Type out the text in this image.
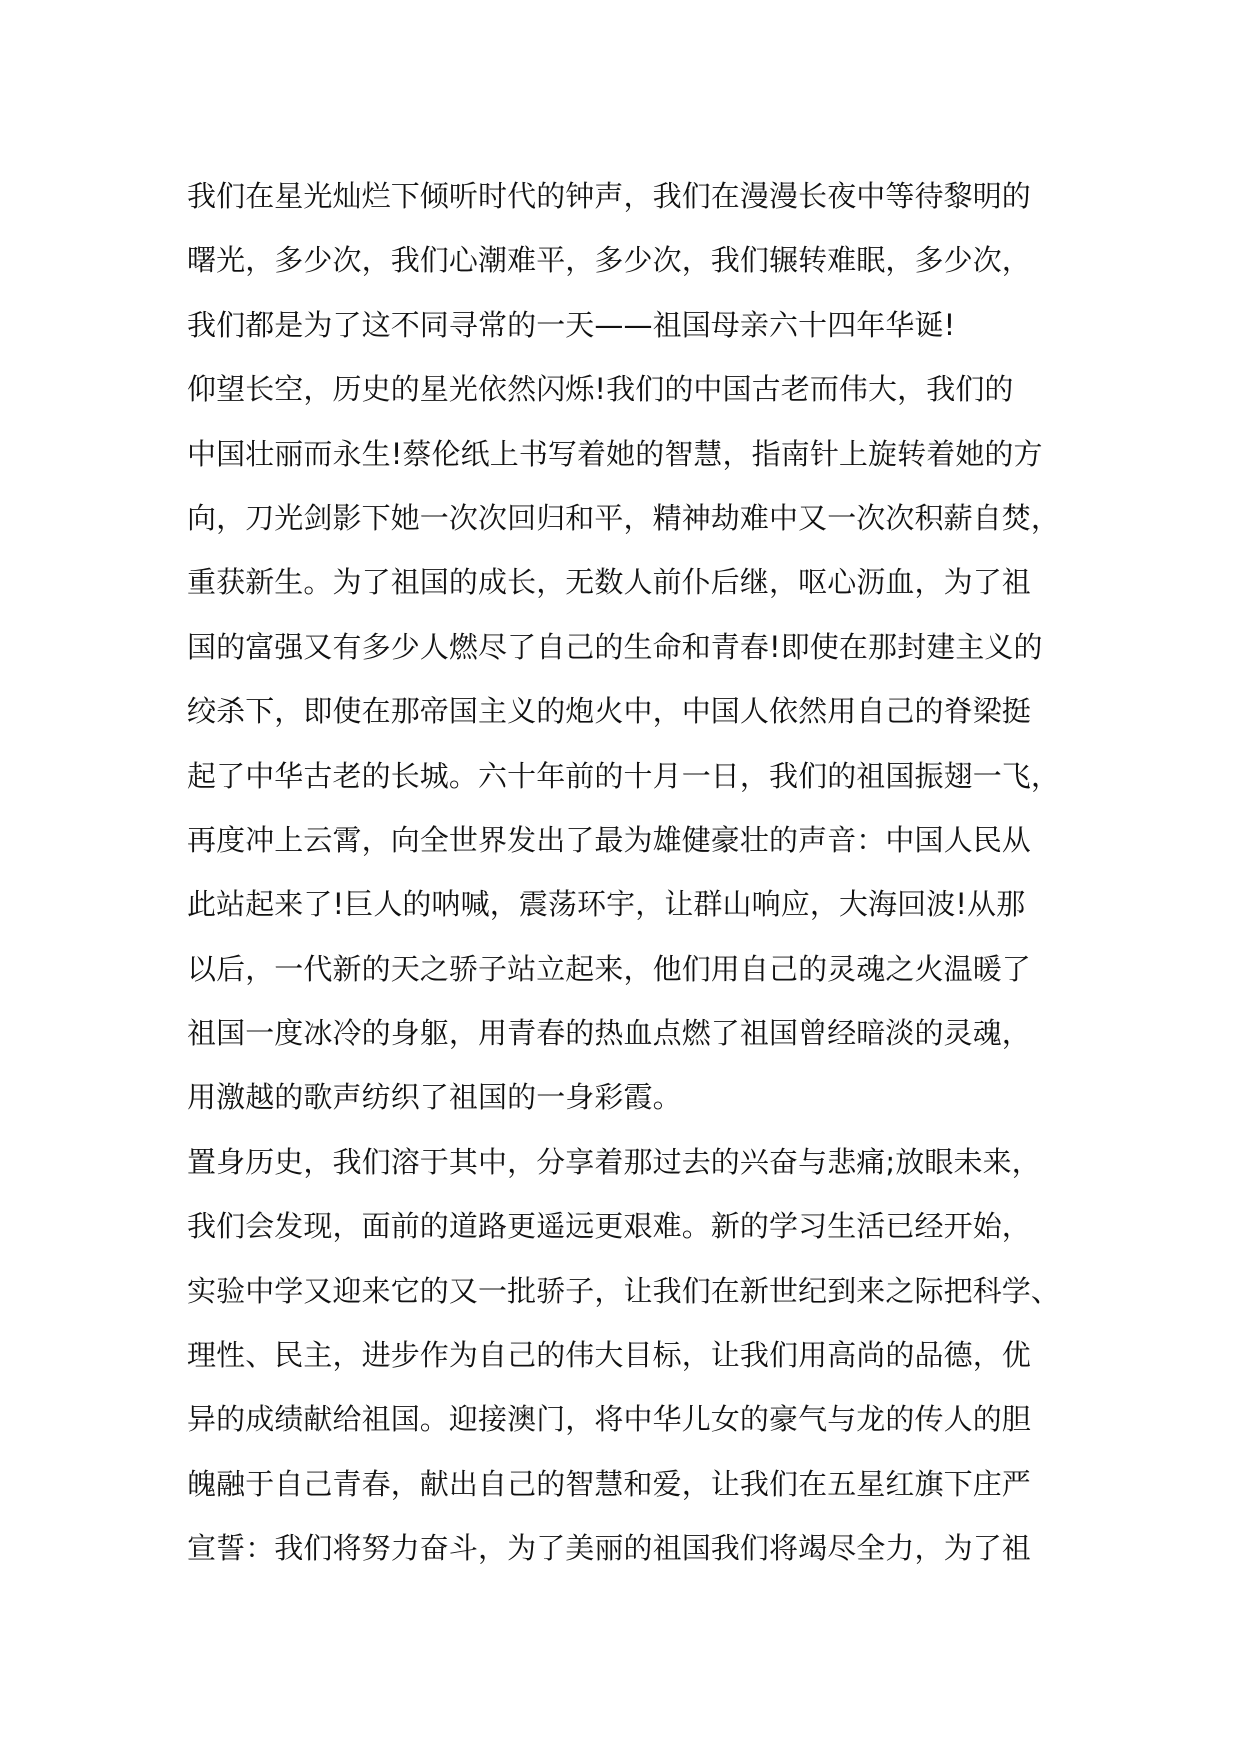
我们在星光灿烂下倾听时代的钟声，我们在漫漫长夜中等待黎明的
曙光，多少次，我们心潮难平，多少次，我们辗转难眠，多少次，
我们都是为了这不同寻常的一天——祖国母亲六十四年华诞!
仰望长空，历史的星光依然闪烁!我们的中国古老而伟大，我们的
中国壮丽而永生!蔡伦纸上书写着她的智慧，指南针上旋转着她的方
向，刀光剑影下她一次次回归和平，精神劫难中又一次次积薪自焚，
重获新生。为了祖国的成长，无数人前仆后继，呕心沥血，为了祖
国的富强又有多少人燃尽了自己的生命和青春!即使在那封建主义的
绞杀下，即使在那帝国主义的炮火中，中国人依然用自己的脊梁挺
起了中华古老的长城。六十年前的十月一日，我们的祖国振翅一飞，
再度冲上云霄，向全世界发出了最为雄健豪壮的声音：中国人民从
此站起来了!巨人的呐喊，震荡环宇，让群山响应，大海回波!从那
以后，一代新的天之骄子站立起来，他们用自己的灵魂之火温暖了
祖国一度冰冷的身躯，用青春的热血点燃了祖国曾经暗淡的灵魂，
用激越的歌声纺织了祖国的一身彩霞。
置身历史，我们溶于其中，分享着那过去的兴奋与悲痛;放眼未来，
我们会发现，面前的道路更遥远更艰难。新的学习生活已经开始，
实验中学又迎来它的又一批骄子，让我们在新世纪到来之际把科学、
理性、民主，进步作为自己的伟大目标，让我们用高尚的品德，优
异的成绩献给祖国。迎接澳门，将中华儿女的豪气与龙的传人的胆
魄融于自己青春，献出自己的智慧和爱，让我们在五星红旗下庄严
宣誓：我们将努力奋斗，为了美丽的祖国我们将竭尽全力，为了祖
